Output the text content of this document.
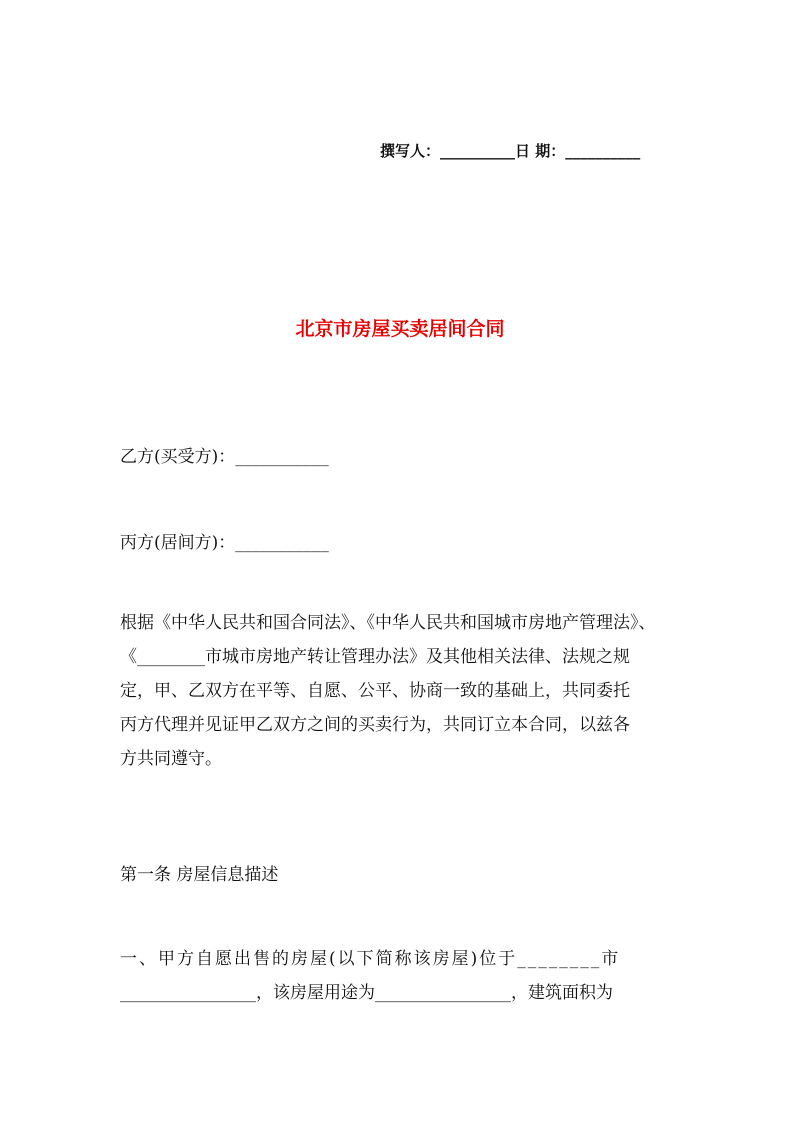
撰写人：__________日 期：__________
北京市房屋买卖居间合同
乙方(买受方)：___________
丙方(居间方)：___________

根据《中华人民共和国合同法》、《中华人民共和国城市房地产管理法》、
《________市城市房地产转让管理办法》及其他相关法律、法规之规
定，甲、乙双方在平等、自愿、公平、协商一致的基础上，共同委托
丙方代理并见证甲乙双方之间的买卖行为，共同订立本合同，以兹各
方共同遵守。

第一条 房屋信息描述

一、甲方自愿出售的房屋(以下简称该房屋)位于________市
________________，该房屋用途为________________，建筑面积为
